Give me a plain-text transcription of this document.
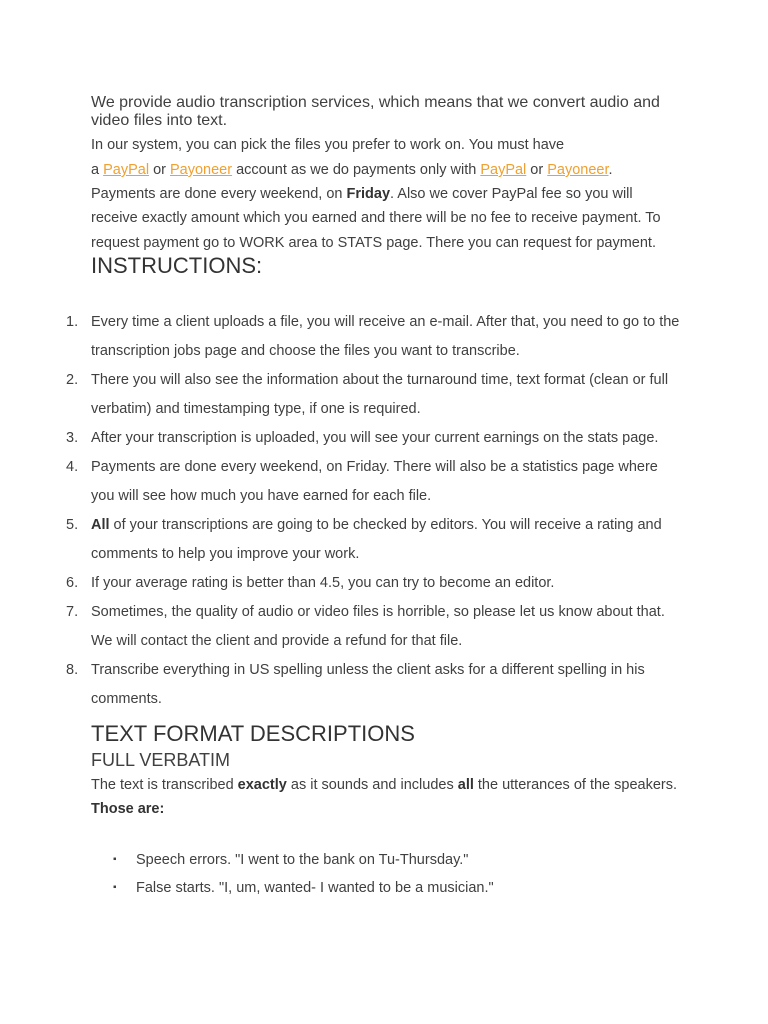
We provide audio transcription services, which means that we convert audio and video files into text.
In our system, you can pick the files you prefer to work on. You must have
a PayPal or Payoneer account as we do payments only with PayPal or Payoneer.
Payments are done every weekend, on Friday. Also we cover PayPal fee so you will
receive exactly amount which you earned and there will be no fee to receive payment. To
request payment go to WORK area to STATS page. There you can request for payment.
INSTRUCTIONS:
1. Every time a client uploads a file, you will receive an e-mail. After that, you need to go to the
transcription jobs page and choose the files you want to transcribe.
2. There you will also see the information about the turnaround time, text format (clean or full
verbatim) and timestamping type, if one is required.
3. After your transcription is uploaded, you will see your current earnings on the stats page.
4. Payments are done every weekend, on Friday. There will also be a statistics page where
you will see how much you have earned for each file.
5. All of your transcriptions are going to be checked by editors. You will receive a rating and
comments to help you improve your work.
6. If your average rating is better than 4.5, you can try to become an editor.
7. Sometimes, the quality of audio or video files is horrible, so please let us know about that.
We will contact the client and provide a refund for that file.
8. Transcribe everything in US spelling unless the client asks for a different spelling in his
comments.
TEXT FORMAT DESCRIPTIONS
FULL VERBATIM
The text is transcribed exactly as it sounds and includes all the utterances of the speakers.
Those are:
▪ Speech errors. "I went to the bank on Tu-Thursday."
▪ False starts. "I, um, wanted- I wanted to be a musician."
